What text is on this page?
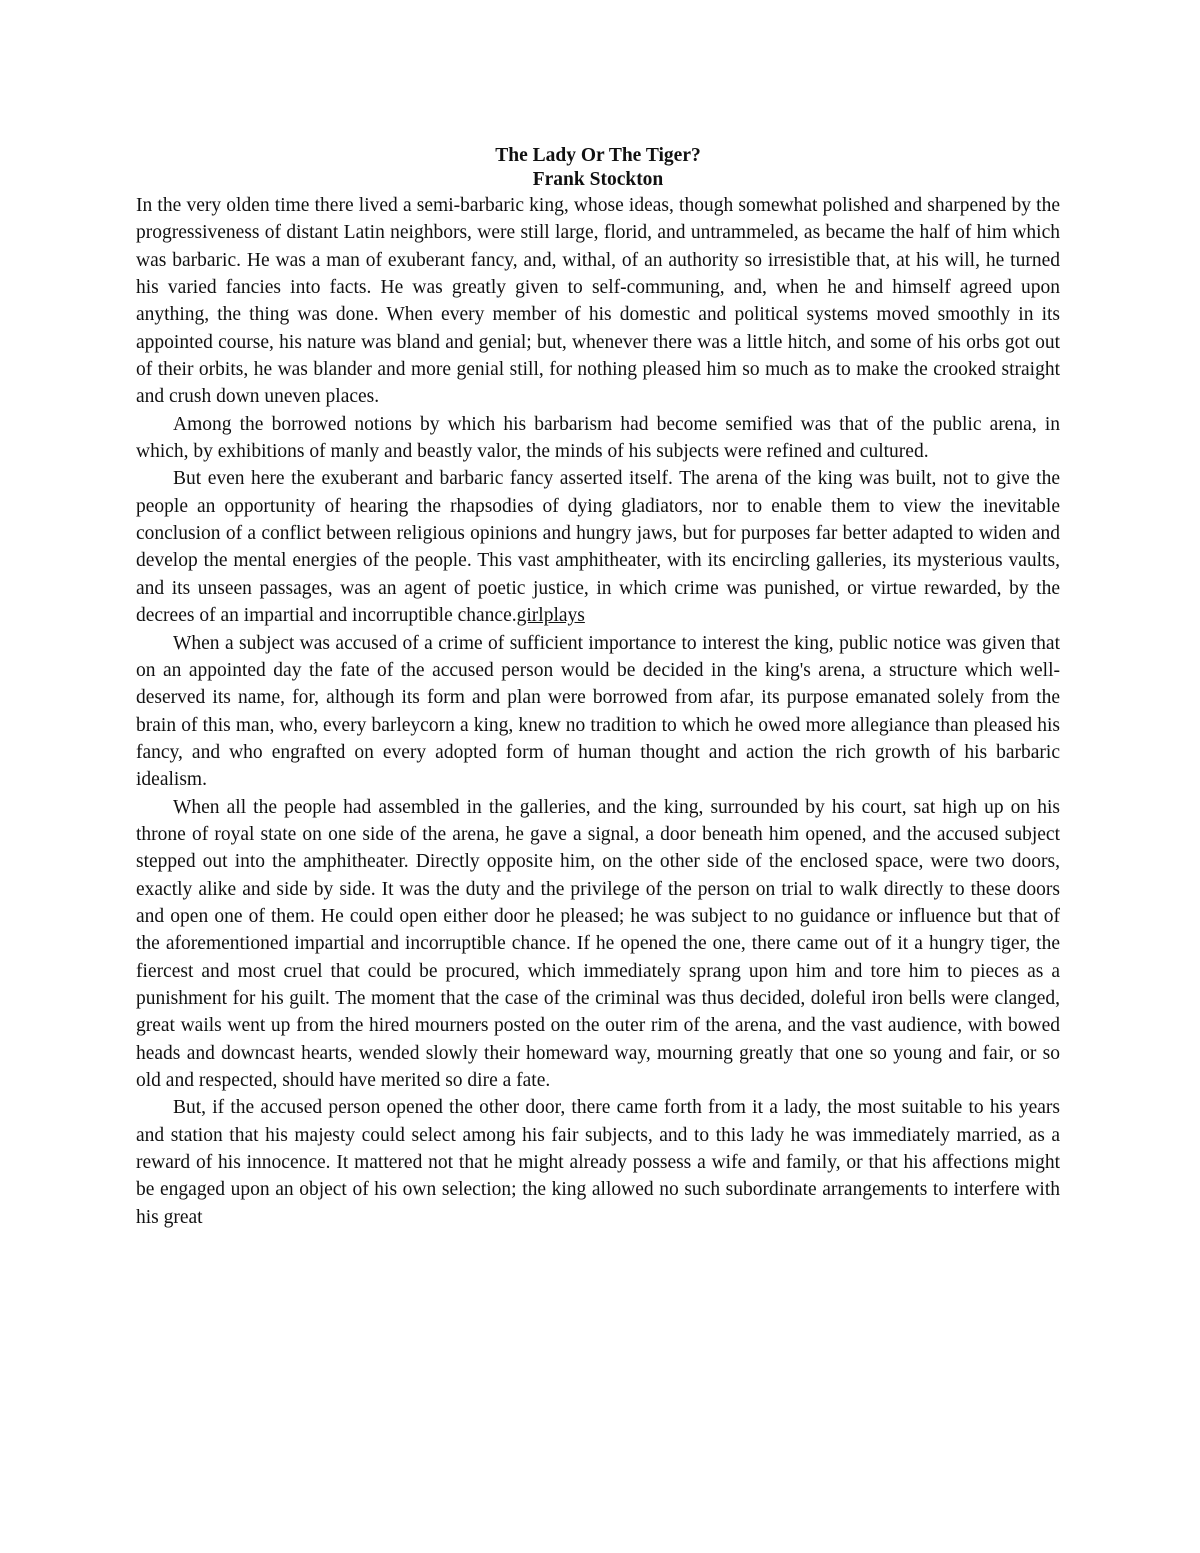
The Lady Or The Tiger?
Frank Stockton

In the very olden time there lived a semi-barbaric king, whose ideas, though somewhat polished and sharpened by the progressiveness of distant Latin neighbors, were still large, florid, and untrammeled, as became the half of him which was barbaric. He was a man of exuberant fancy, and, withal, of an authority so irresistible that, at his will, he turned his varied fancies into facts. He was greatly given to self-communing, and, when he and himself agreed upon anything, the thing was done. When every member of his domestic and political systems moved smoothly in its appointed course, his nature was bland and genial; but, whenever there was a little hitch, and some of his orbs got out of their orbits, he was blander and more genial still, for nothing pleased him so much as to make the crooked straight and crush down uneven places.

Among the borrowed notions by which his barbarism had become semified was that of the public arena, in which, by exhibitions of manly and beastly valor, the minds of his subjects were refined and cultured.

But even here the exuberant and barbaric fancy asserted itself. The arena of the king was built, not to give the people an opportunity of hearing the rhapsodies of dying gladiators, nor to enable them to view the inevitable conclusion of a conflict between religious opinions and hungry jaws, but for purposes far better adapted to widen and develop the mental energies of the people. This vast amphitheater, with its encircling galleries, its mysterious vaults, and its unseen passages, was an agent of poetic justice, in which crime was punished, or virtue rewarded, by the decrees of an impartial and incorruptible chance.girlplays

When a subject was accused of a crime of sufficient importance to interest the king, public notice was given that on an appointed day the fate of the accused person would be decided in the king's arena, a structure which well-deserved its name, for, although its form and plan were borrowed from afar, its purpose emanated solely from the brain of this man, who, every barleycorn a king, knew no tradition to which he owed more allegiance than pleased his fancy, and who engrafted on every adopted form of human thought and action the rich growth of his barbaric idealism.

When all the people had assembled in the galleries, and the king, surrounded by his court, sat high up on his throne of royal state on one side of the arena, he gave a signal, a door beneath him opened, and the accused subject stepped out into the amphitheater. Directly opposite him, on the other side of the enclosed space, were two doors, exactly alike and side by side. It was the duty and the privilege of the person on trial to walk directly to these doors and open one of them. He could open either door he pleased; he was subject to no guidance or influence but that of the aforementioned impartial and incorruptible chance. If he opened the one, there came out of it a hungry tiger, the fiercest and most cruel that could be procured, which immediately sprang upon him and tore him to pieces as a punishment for his guilt. The moment that the case of the criminal was thus decided, doleful iron bells were clanged, great wails went up from the hired mourners posted on the outer rim of the arena, and the vast audience, with bowed heads and downcast hearts, wended slowly their homeward way, mourning greatly that one so young and fair, or so old and respected, should have merited so dire a fate.

But, if the accused person opened the other door, there came forth from it a lady, the most suitable to his years and station that his majesty could select among his fair subjects, and to this lady he was immediately married, as a reward of his innocence. It mattered not that he might already possess a wife and family, or that his affections might be engaged upon an object of his own selection; the king allowed no such subordinate arrangements to interfere with his great
